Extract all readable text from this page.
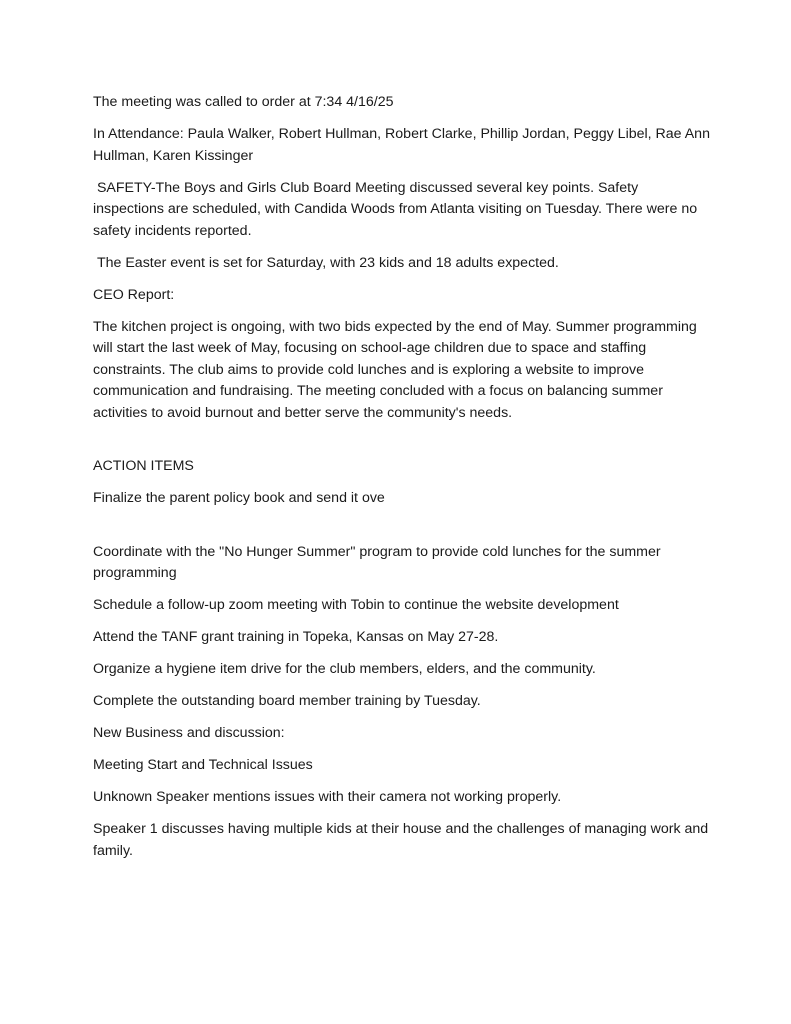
The meeting was called to order at 7:34 4/16/25

In Attendance: Paula Walker, Robert Hullman, Robert Clarke, Phillip Jordan, Peggy Libel, Rae Ann Hullman, Karen Kissinger

SAFETY-The Boys and Girls Club Board Meeting discussed several key points. Safety inspections are scheduled, with Candida Woods from Atlanta visiting on Tuesday. There were no safety incidents reported.

The Easter event is set for Saturday, with 23 kids and 18 adults expected.

CEO Report:

The kitchen project is ongoing, with two bids expected by the end of May. Summer programming will start the last week of May, focusing on school-age children due to space and staffing constraints. The club aims to provide cold lunches and is exploring a website to improve communication and fundraising. The meeting concluded with a focus on balancing summer activities to avoid burnout and better serve the community's needs.

ACTION ITEMS

Finalize the parent policy book and send it ove

Coordinate with the "No Hunger Summer" program to provide cold lunches for the summer programming

Schedule a follow-up zoom meeting with Tobin to continue the website development

Attend the TANF grant training in Topeka, Kansas on May 27-28.

Organize a hygiene item drive for the club members, elders, and the community.

Complete the outstanding board member training by Tuesday.

New Business and discussion:

Meeting Start and Technical Issues

Unknown Speaker mentions issues with their camera not working properly.

Speaker 1 discusses having multiple kids at their house and the challenges of managing work and family.
